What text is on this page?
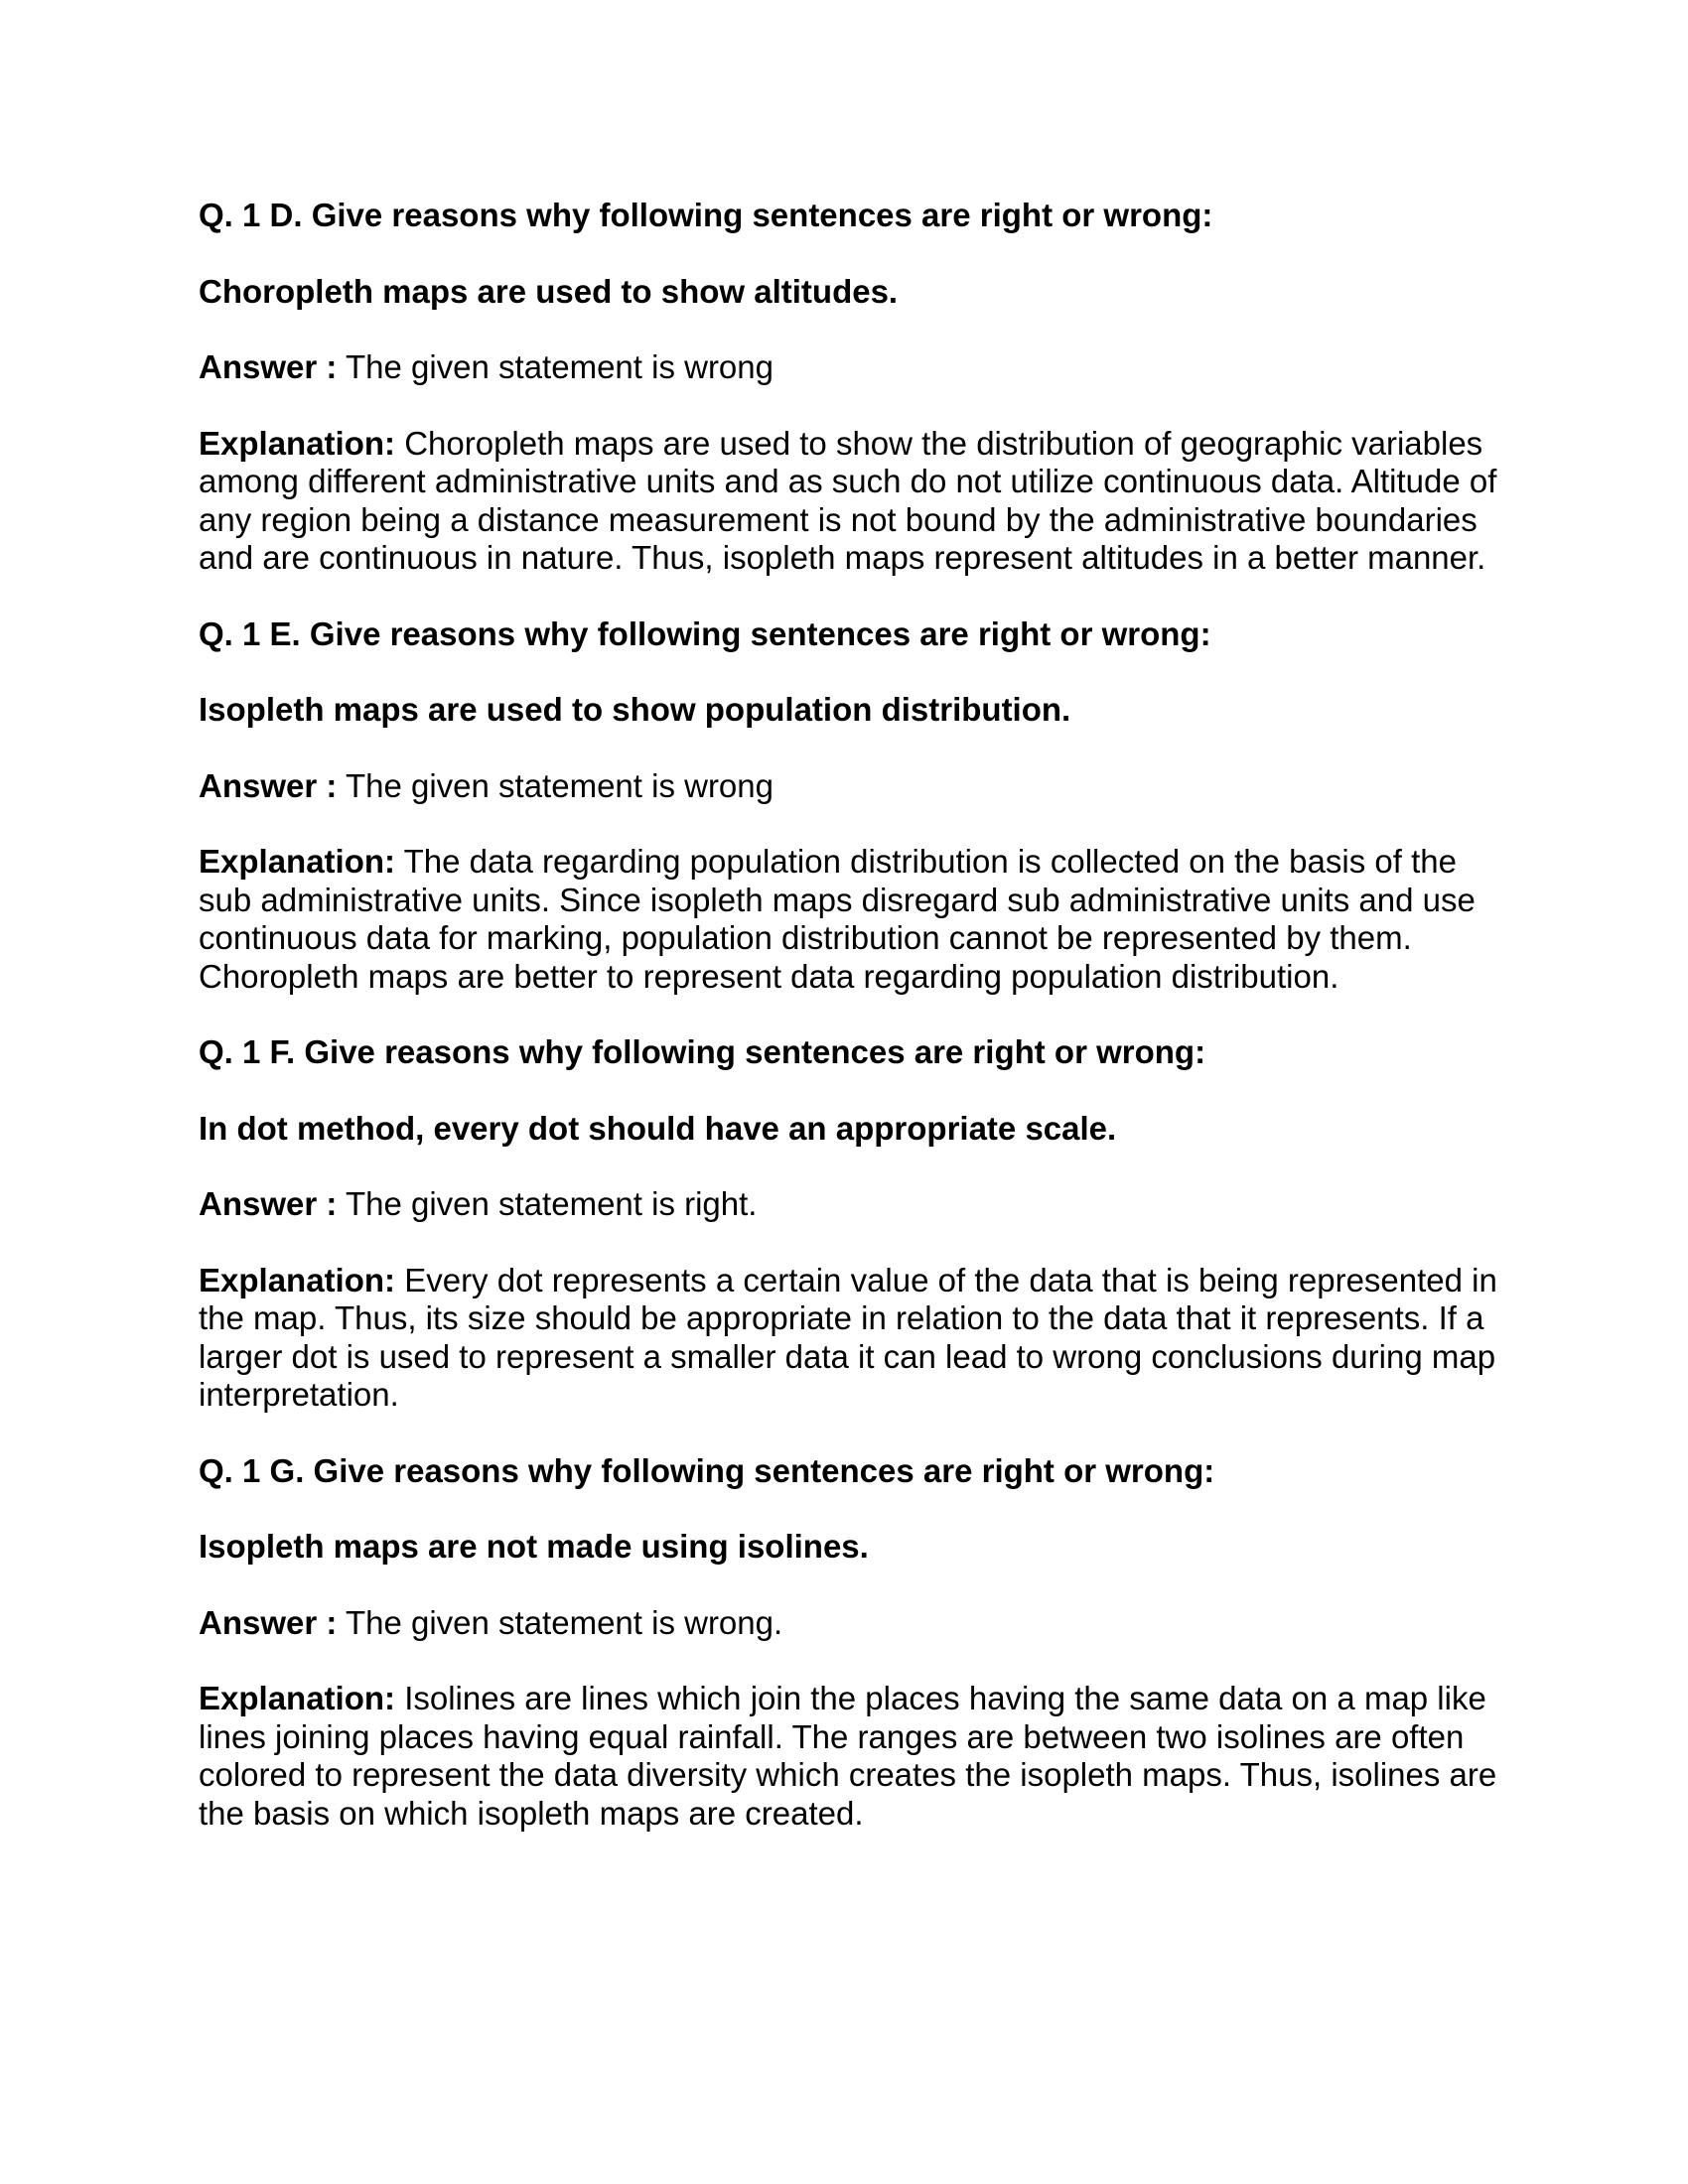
Q. 1 D. Give reasons why following sentences are right or wrong:

Choropleth maps are used to show altitudes.

Answer : The given statement is wrong

Explanation: Choropleth maps are used to show the distribution of geographic variables among different administrative units and as such do not utilize continuous data. Altitude of any region being a distance measurement is not bound by the administrative boundaries and are continuous in nature. Thus, isopleth maps represent altitudes in a better manner.

Q. 1 E. Give reasons why following sentences are right or wrong:

Isopleth maps are used to show population distribution.

Answer : The given statement is wrong

Explanation: The data regarding population distribution is collected on the basis of the sub administrative units. Since isopleth maps disregard sub administrative units and use continuous data for marking, population distribution cannot be represented by them. Choropleth maps are better to represent data regarding population distribution.

Q. 1 F. Give reasons why following sentences are right or wrong:

In dot method, every dot should have an appropriate scale.

Answer : The given statement is right.

Explanation: Every dot represents a certain value of the data that is being represented in the map. Thus, its size should be appropriate in relation to the data that it represents. If a larger dot is used to represent a smaller data it can lead to wrong conclusions during map interpretation.

Q. 1 G. Give reasons why following sentences are right or wrong:

Isopleth maps are not made using isolines.

Answer : The given statement is wrong.

Explanation: Isolines are lines which join the places having the same data on a map like lines joining places having equal rainfall. The ranges are between two isolines are often colored to represent the data diversity which creates the isopleth maps. Thus, isolines are the basis on which isopleth maps are created.
